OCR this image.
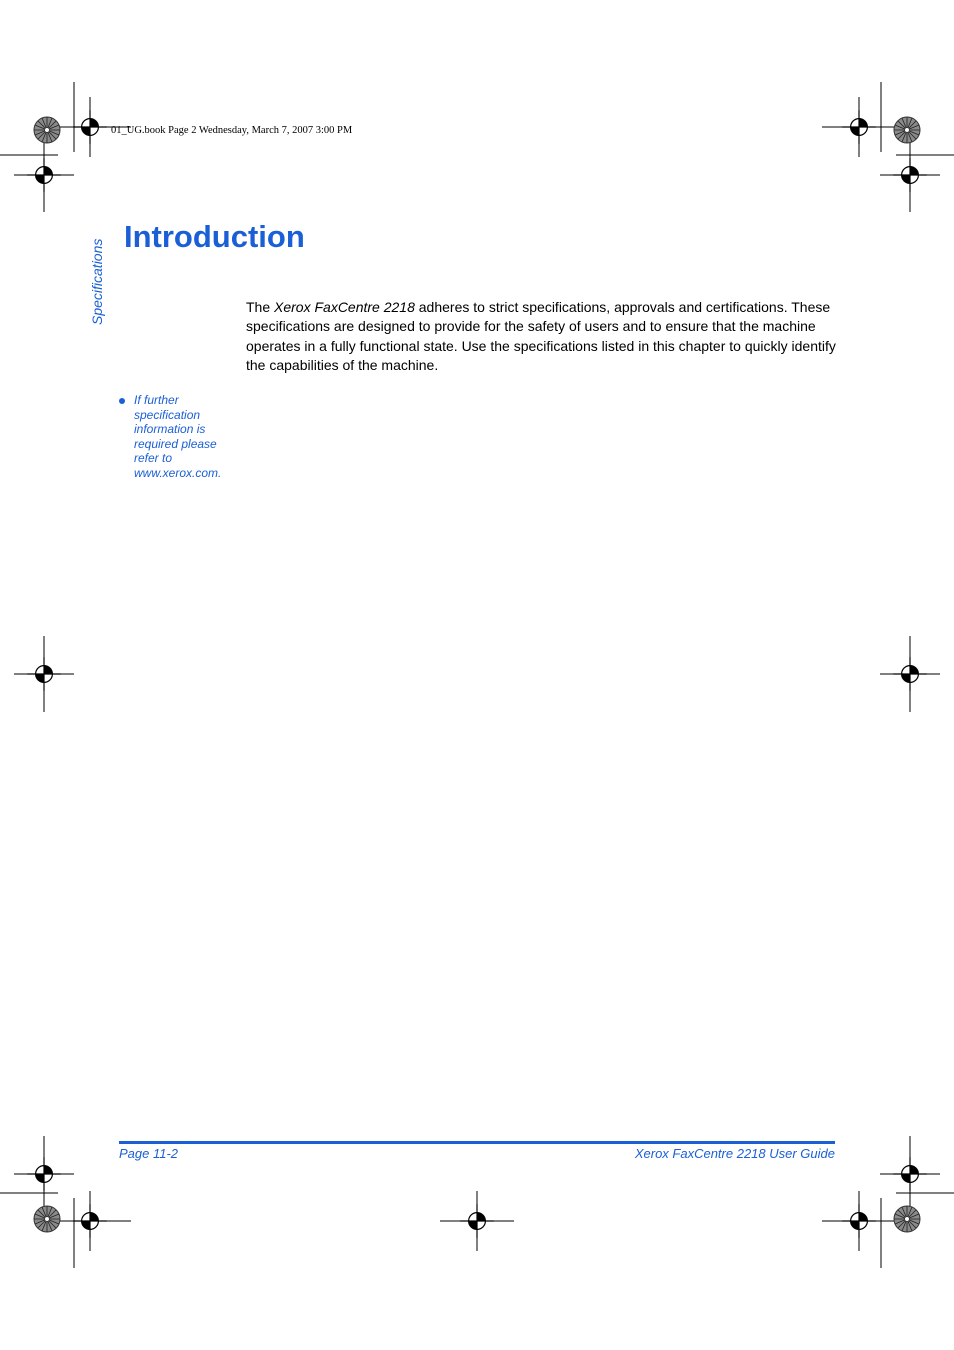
01_UG.book Page 2 Wednesday, March 7, 2007 3:00 PM
Specifications
Introduction

The Xerox FaxCentre 2218 adheres to strict specifications, approvals and certifications. These specifications are designed to provide for the safety of users and to ensure that the machine operates in a fully functional state. Use the specifications listed in this chapter to quickly identify the capabilities of the machine.

If further specification information is required please refer to www.xerox.com.
Page 11-2	Xerox FaxCentre 2218 User Guide
